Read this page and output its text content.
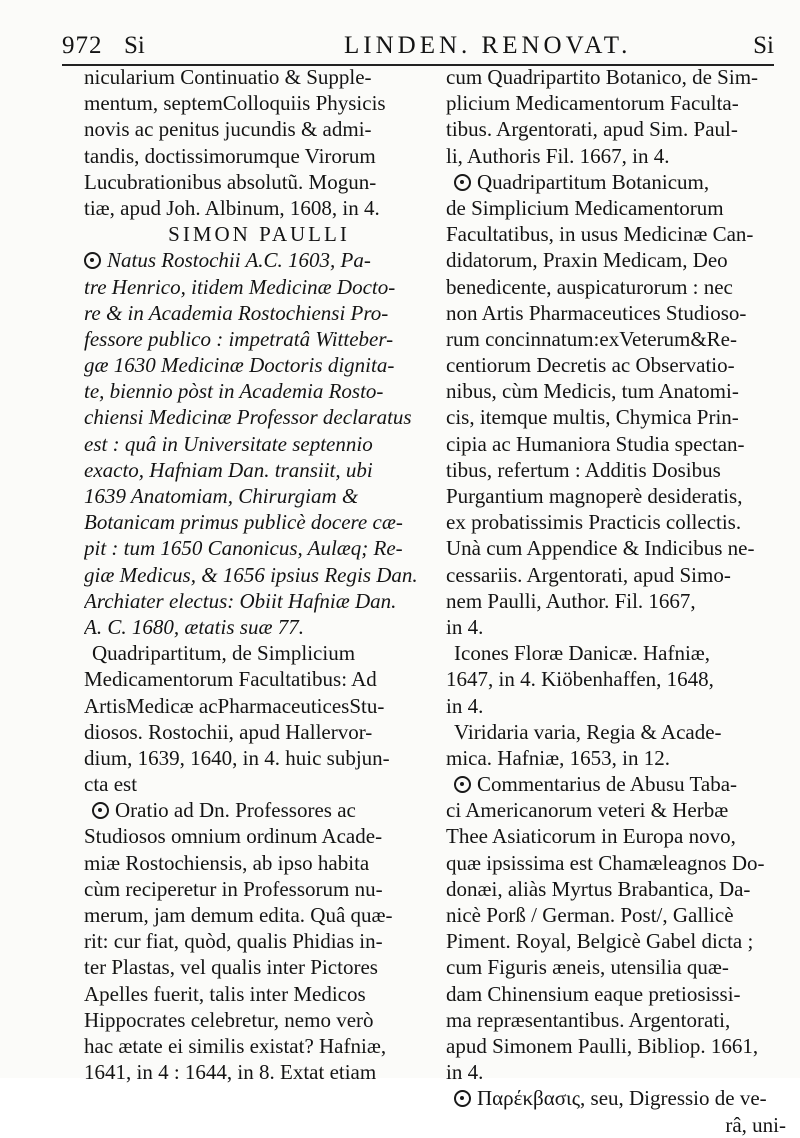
972 Si	LINDEN. RENOVAT.	Si
nicularium Continuatio & Supple-
mentum, septemColloquiis Physicis
novis ac penitus jucundis & admi-
tandis, doctissimorumque Virorum
Lucubrationibus absolutũ. Mogun-
tiæ, apud Joh. Albinum, 1608, in 4.
SIMON PAULLI
Natus Rostochii A.C. 1603, Pa-
tre Henrico, itidem Medicinæ Docto-
re & in Academia Rostochiensi Pro-
fessore publico : impetratâ Witteber-
gæ 1630 Medicinæ Doctoris dignita-
te, biennio pòst in Academia Rosto-
chiensi Medicinæ Professor declaratus
est : quâ in Universitate septennio
exacto, Hafniam Dan. transiit, ubi
1639 Anatomiam, Chirurgiam &
Botanicam primus publicè docere cæ-
pit : tum 1650 Canonicus, Aulæq; Re-
giæ Medicus, & 1656 ipsius Regis Dan.
Archiater electus: Obiit Hafniæ Dan.
A. C. 1680, ætatis suæ 77.
Quadripartitum, de Simplicium
Medicamentorum Facultatibus: Ad
ArtisMedicæ acPharmaceuticesStu-
diosos. Rostochii, apud Hallervor-
dium, 1639, 1640, in 4. huic subjun-
cta est
Oratio ad Dn. Professores ac
Studiosos omnium ordinum Acade-
miæ Rostochiensis, ab ipso habita
cùm reciperetur in Professorum nu-
merum, jam demum edita. Quâ quæ-
rit: cur fiat, quòd, qualis Phidias in-
ter Plastas, vel qualis inter Pictores
Apelles fuerit, talis inter Medicos
Hippocrates celebretur, nemo verò
hac ætate ei similis existat? Hafniæ,
1641, in 4 : 1644, in 8. Extat etiam
cum Quadripartito Botanico, de Sim-
plicium Medicamentorum Faculta-
tibus. Argentorati, apud Sim. Paul-
li, Authoris Fil. 1667, in 4.
Quadripartitum Botanicum,
de Simplicium Medicamentorum
Facultatibus, in usus Medicinæ Can-
didatorum, Praxin Medicam, Deo
benedicente, auspicaturorum : nec
non Artis Pharmaceutices Studioso-
rum concinnatum:exVeterum&Re-
centiorum Decretis ac Observatio-
nibus, cùm Medicis, tum Anatomi-
cis, itemque multis, Chymica Prin-
cipia ac Humaniora Studia spectan-
tibus, refertum : Additis Dosibus
Purgantium magnoperè desideratis,
ex probatissimis Practicis collectis.
Unà cum Appendice & Indicibus ne-
cessariis. Argentorati, apud Simo-
nem Paulli, Author. Fil. 1667,
in 4.
Icones Floræ Danicæ. Hafniæ,
1647, in 4. Kiöbenhaffen, 1648,
in 4.
Viridaria varia, Regia & Acade-
mica. Hafniæ, 1653, in 12.
Commentarius de Abusu Taba-
ci Americanorum veteri & Herbæ
Thee Asiaticorum in Europa novo,
quæ ipsissima est Chamæleagnos Do-
donæi, aliàs Myrtus Brabantica, Da-
nicè Porß / German. Post/, Gallicè
Piment. Royal, Belgicè Gabel dicta ;
cum Figuris æneis, utensilia quæ-
dam Chinensium eaque pretiosissi-
ma repræsentantibus. Argentorati,
apud Simonem Paulli, Bibliop. 1661,
in 4.
Παρέκβασις, seu, Digressio de ve-
râ, uni-
